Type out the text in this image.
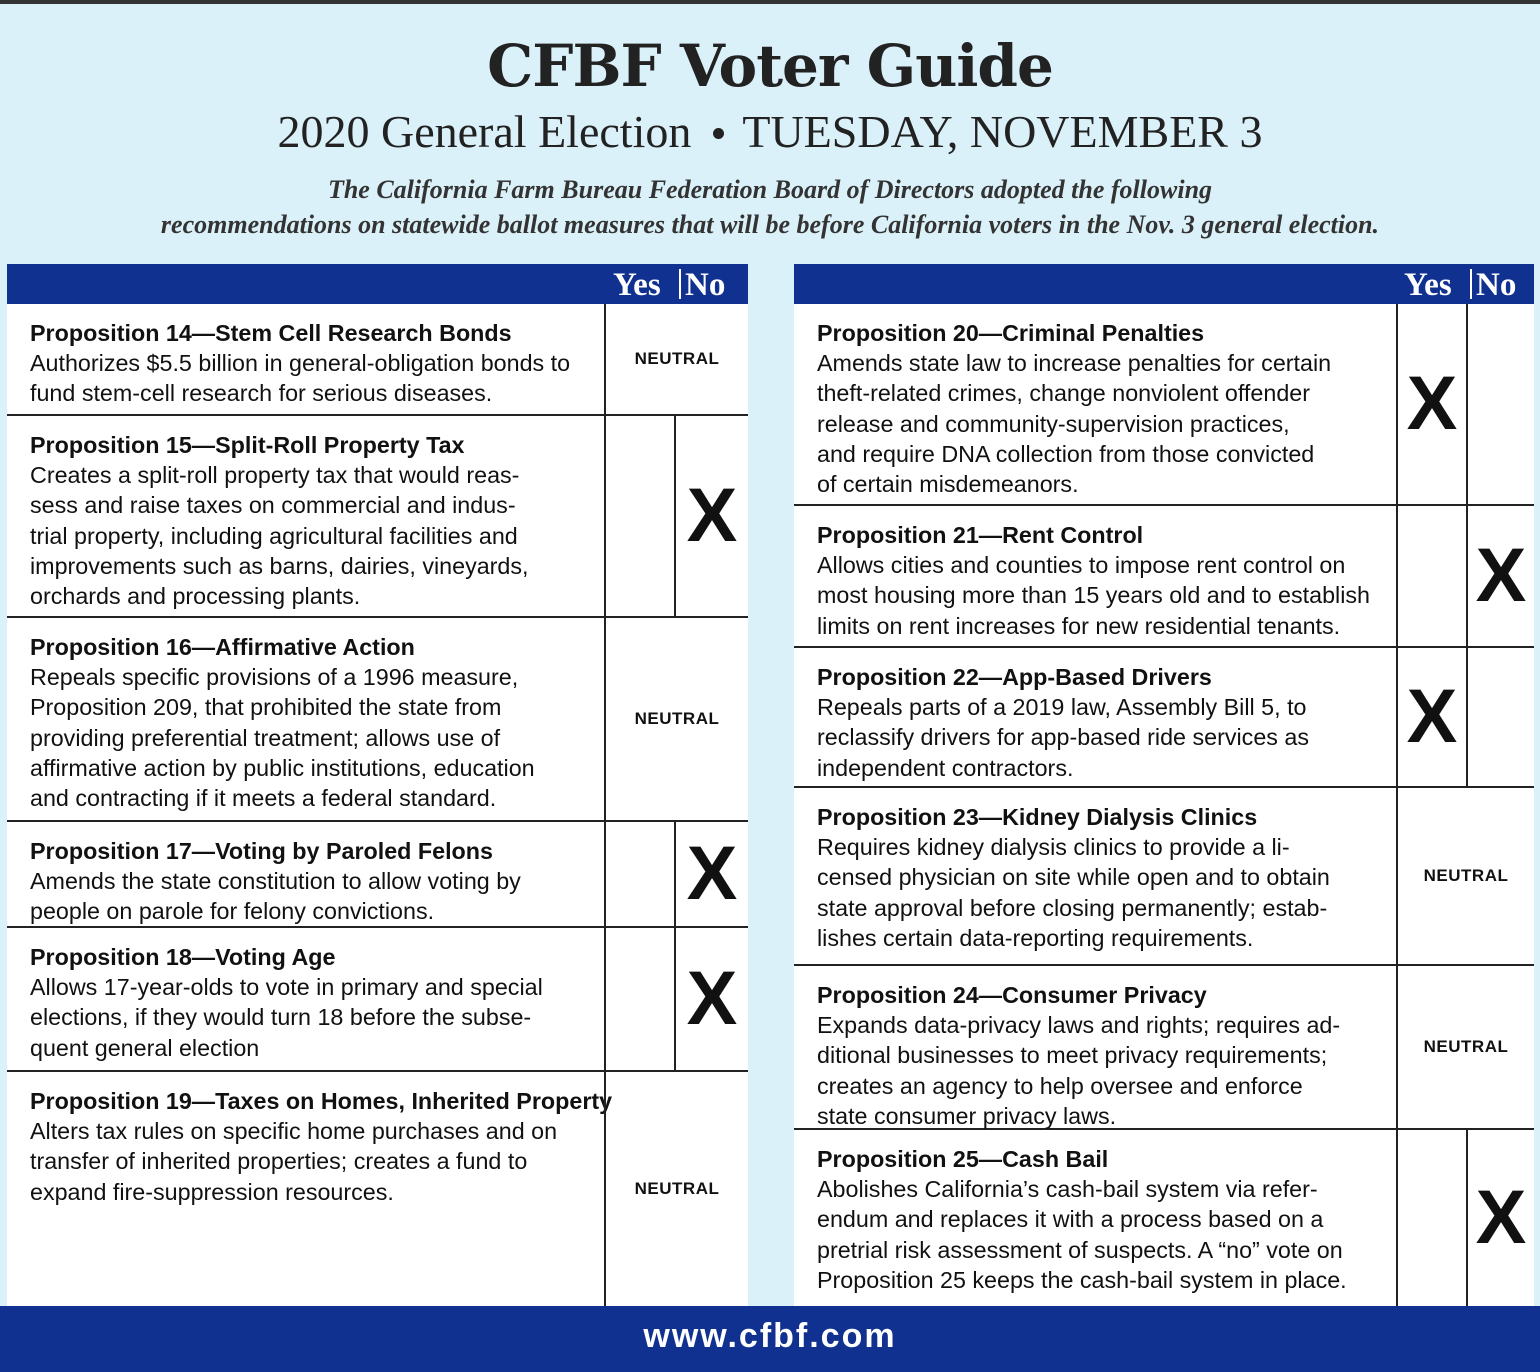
CFBF Voter Guide
2020 General Election TUESDAY, NOVEMBER 3
The California Farm Bureau Federation Board of Directors adopted the following
recommendations on statewide ballot measures that will be before California voters in the Nov. 3 general election.
Yes No
Proposition 14—Stem Cell Research Bonds
Authorizes $5.5 billion in general-obligation bonds to
fund stem-cell research for serious diseases.
NEUTRAL
Proposition 15—Split-Roll Property Tax
Creates a split-roll property tax that would reas-
sess and raise taxes on commercial and indus-
trial property, including agricultural facilities and
improvements such as barns, dairies, vineyards,
orchards and processing plants.
X
Proposition 16—Affirmative Action
Repeals specific provisions of a 1996 measure,
Proposition 209, that prohibited the state from
providing preferential treatment; allows use of
affirmative action by public institutions, education
and contracting if it meets a federal standard.
NEUTRAL
Proposition 17—Voting by Paroled Felons
Amends the state constitution to allow voting by
people on parole for felony convictions.	X
Proposition 18—Voting Age
Allows 17-year-olds to vote in primary and special
elections, if they would turn 18 before the subse-
quent general election
X
Proposition 19—Taxes on Homes, Inherited Property
Alters tax rules on specific home purchases and on
transfer of inherited properties; creates a fund to
expand fire-suppression resources.	NEUTRAL
Yes No
Proposition 20—Criminal Penalties
Amends state law to increase penalties for certain
theft-related crimes, change nonviolent offender
release and community-supervision practices,
and require DNA collection from those convicted
of certain misdemeanors.
X
Proposition 21—Rent Control
Allows cities and counties to impose rent control on
most housing more than 15 years old and to establish
limits on rent increases for new residential tenants.
X
Proposition 22—App-Based Drivers
Repeals parts of a 2019 law, Assembly Bill 5, to
reclassify drivers for app-based ride services as
independent contractors.
X
Proposition 23—Kidney Dialysis Clinics
Requires kidney dialysis clinics to provide a li-
censed physician on site while open and to obtain
state approval before closing permanently; estab-
lishes certain data-reporting requirements.
NEUTRAL
Proposition 24—Consumer Privacy
Expands data-privacy laws and rights; requires ad-
ditional businesses to meet privacy requirements;
creates an agency to help oversee and enforce
state consumer privacy laws.
NEUTRAL
Proposition 25—Cash Bail
Abolishes California’s cash-bail system via refer-
endum and replaces it with a process based on a
pretrial risk assessment of suspects. A “no” vote on
Proposition 25 keeps the cash-bail system in place.
X
www.cfbf.com
